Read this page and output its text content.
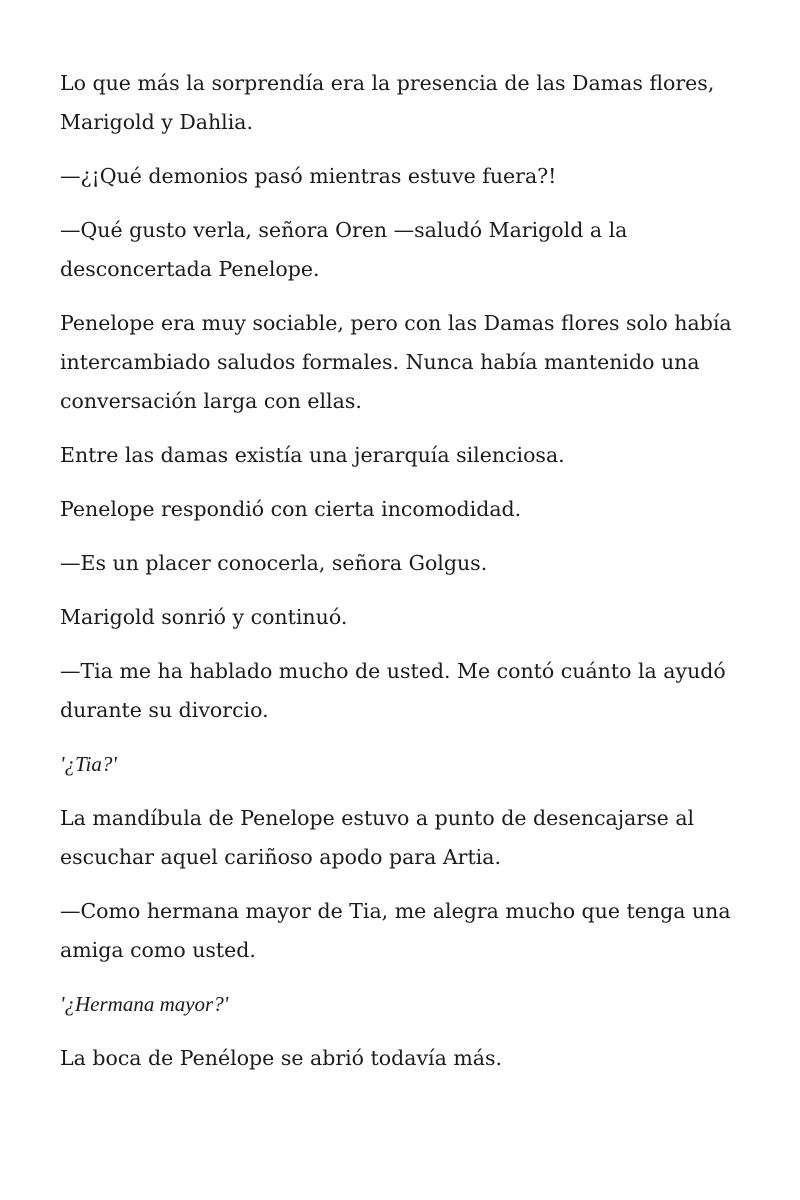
Lo que más la sorprendía era la presencia de las Damas flores, Marigold y Dahlia.

—¿¡Qué demonios pasó mientras estuve fuera?!

—Qué gusto verla, señora Oren —saludó Marigold a la desconcertada Penelope.

Penelope era muy sociable, pero con las Damas flores solo había intercambiado saludos formales. Nunca había mantenido una conversación larga con ellas.

Entre las damas existía una jerarquía silenciosa.

Penelope respondió con cierta incomodidad.

—Es un placer conocerla, señora Golgus.

Marigold sonrió y continuó.

—Tia me ha hablado mucho de usted. Me contó cuánto la ayudó durante su divorcio.

'¿Tia?'

La mandíbula de Penelope estuvo a punto de desencajarse al escuchar aquel cariñoso apodo para Artia.

—Como hermana mayor de Tia, me alegra mucho que tenga una amiga como usted.

'¿Hermana mayor?'

La boca de Penélope se abrió todavía más.
